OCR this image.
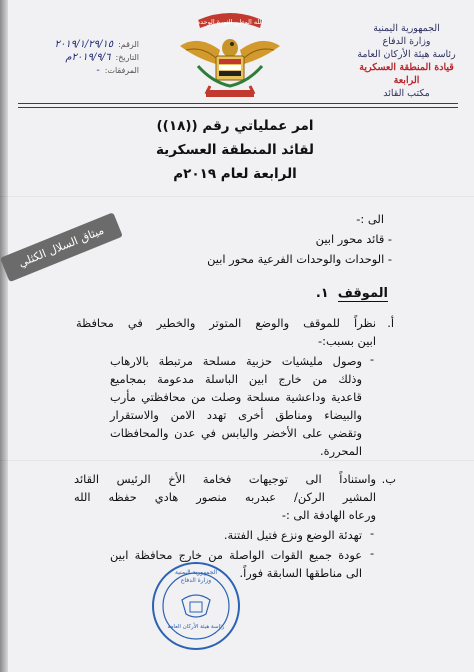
الجمهورية اليمنية
وزارة الدفاع
رئاسة هيئة الأركان العامة
قيادة المنطقة العسكرية الرابعة
مكتب القائد
الله الوطن الثورة الوحدة
الرقم:
٢٠١٩/١/٢٩/١٥
التاريخ:
٢٠١٩/٩/٦م
المرفقات:
-
امر عملياتي رقم ((١٨))
لقائد المنطقة العسكرية
الرابعة لعام ٢٠١٩م
الى :-
- قائد محور ابين
- الوحدات والوحدات الفرعية محور ابين
ميثاق السلال الكثلي
الموقف  ١.
أ.
نظراً للموقف والوضع المتوتر والخطير في محافظة
ابين بسبب:-
-
وصول مليشيات حزبية مسلحة مرتبطة بالارهاب
وذلك من خارج ابين الباسلة مدعومة بمجاميع
قاعدية وداعشية مسلحة وصلت من محافظتي مأرب
والبيضاء ومناطق أخرى تهدد الامن والاستقرار
وتقضي على الأخضر واليابس في عدن والمحافظات
المحررة.
ب.
واستناداً الى توجيهات فخامة الأخ الرئيس القائد
المشير الركن/ عبدربه منصور هادي حفظه الله
ورعاه الهادفة الى :-
-
تهدئة الوضع ونزع فتيل الفتنة.
-
عودة جميع القوات الواصلة من خارج محافظة ابين
الى مناطقها السابقة فوراً.
الجمهورية اليمنية
وزارة الدفاع
رئاسة هيئة الأركان العامة
